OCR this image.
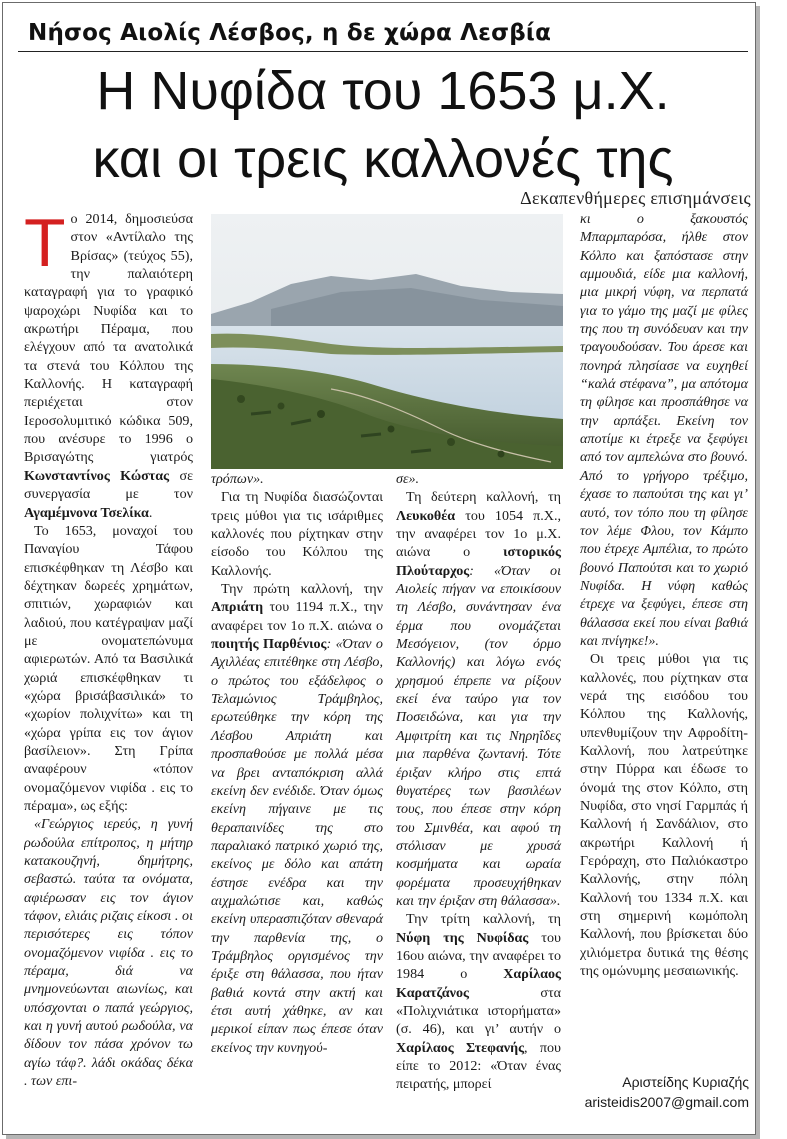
Νήσος Αιολίς Λέσβος, η δε χώρα Λεσβία
Η Νυφίδα του 1653 μ.Χ.
και οι τρεις καλλονές της
Δεκαπενθήμερες επισημάνσεις

Το 2014, δημοσιεύσα στον «Αντίλαλο της Βρίσας» (τεύχος 55), την παλαιότερη καταγραφή για το γραφικό ψαροχώρι Νυφίδα και το ακρωτήρι Πέραμα, που ελέγχουν από τα ανατολικά τα στενά του Κόλπου της Καλλονής. Η καταγραφή περιέχεται στον Ιεροσολυμιτικό κώδικα 509, που ανέσυρε το 1996 ο Βρισαγώτης γιατρός Κωνσταντίνος Κώστας σε συνεργασία με τον Αγαμέμνονα Τσελίκα.

Το 1653, μοναχοί του Παναγίου Τάφου επισκέφθηκαν τη Λέσβο και δέχτηκαν δωρεές χρημάτων, σπιτιών, χωραφιών και λαδιού, που κατέγραψαν μαζί με ονοματεπώνυμα αφιερωτών. Από τα Βασιλικά χωριά επισκέφθηκαν τι «χώρα βρισάβασιλικά» το «χωρίον πολιχνίτω» και τη «χώρα γρίπα εις τον άγιον βασίλειον». Στη Γρίπα αναφέρουν «τόπον ονομαζόμενον νιφίδα . εις το πέραμα», ως εξής:

«Γεώργιος ιερεύς, η γυνή ρωδούλα επίτροπος, η μήτηρ κατακουζηνή, δημήτρης, σεβαστώ. ταύτα τα ονόματα, αφιέρωσαν εις τον άγιον τάφον, ελιάις ριζαις είκοσι . οι περισότερες εις τόπον ονομαζόμενον νιφίδα . εις το πέραμα, διά να μνημονεύωνται αιωνίως, και υπόσχονται ο παπά γεώργιος, και η γυνή αυτού ρωδούλα, να δίδουν τον πάσα χρόνον τω αγίω τάφ?. λάδι οκάδας δέκα . των επι-

τρόπων».

Για τη Νυφίδα διασώζονται τρεις μύθοι για τις ισάριθμες καλλονές που ρίχτηκαν στην είσοδο του Κόλπου της Καλλονής.

Την πρώτη καλλονή, την Απριάτη του 1194 π.Χ., την αναφέρει τον 1ο π.Χ. αιώνα ο ποιητής Παρθένιος: «Όταν ο Αχιλλέας επιτέθηκε στη Λέσβο, ο πρώτος του εξάδελφος ο Τελαμώνιος Τράμβηλος, ερωτεύθηκε την κόρη της Λέσβου Απριάτη και προσπαθούσε με πολλά μέσα να βρει ανταπόκριση αλλά εκείνη δεν ενέδιδε. Όταν όμως εκείνη πήγαινε με τις θεραπαινίδες της στο παραλιακό πατρικό χωριό της, εκείνος με δόλο και απάτη έστησε ενέδρα και την αιχμαλώτισε και, καθώς εκείνη υπερασπιζόταν σθεναρά την παρθενία της, ο Τράμβηλος οργισμένος την έριξε στη θάλασσα, που ήταν βαθιά κοντά στην ακτή και έτσι αυτή χάθηκε, αν και μερικοί είπαν πως έπεσε όταν εκείνος την κυνηγού-

σε».

Τη δεύτερη καλλονή, τη Λευκοθέα του 1054 π.Χ., την αναφέρει τον 1ο μ.Χ. αιώνα ο ιστορικός Πλούταρχος: «Όταν οι Αιολείς πήγαν να εποικίσουν τη Λέσβο, συνάντησαν ένα έρμα που ονομάζεται Μεσόγειον, (τον όρμο Καλλονής) και λόγω ενός χρησμού έπρεπε να ρίξουν εκεί ένα ταύρο για τον Ποσειδώνα, και για την Αμφιτρίτη και τις Νηρηΐδες μια παρθένα ζωντανή. Τότε έριξαν κλήρο στις επτά θυγατέρες των βασιλέων τους, που έπεσε στην κόρη του Σμινθέα, και αφού τη στόλισαν με χρυσά κοσμήματα και ωραία φορέματα προσευχήθηκαν και την έριξαν στη θάλασσα».

Την τρίτη καλλονή, τη Νύφη της Νυφίδας του 16ου αιώνα, την αναφέρει το 1984 ο Χαρίλαος Καρατζάνος στα «Πολιχνιάτικα ιστορήματα» (σ. 46), και γι’ αυτήν ο Χαρίλαος Στεφανής, που είπε το 2012: «Όταν ένας πειρατής, μπορεί

κι ο ξακουστός Μπαρμπαρόσα, ήλθε στον Κόλπο και ξαπόστασε στην αμμουδιά, είδε μια καλλονή, μια μικρή νύφη, να περπατά για το γάμο της μαζί με φίλες της που τη συνόδευαν και την τραγουδούσαν. Του άρεσε και πονηρά πλησίασε να ευχηθεί “καλά στέφανα”, μα απότομα τη φίλησε και προσπάθησε να την αρπάξει. Εκείνη τον αποτίμε κι έτρεξε να ξεφύγει από τον αμπελώνα στο βουνό. Από το γρήγορο τρέξιμο, έχασε το παπούτσι της και γι’ αυτό, τον τόπο που τη φίλησε τον λέμε Φλου, τον Κάμπο που έτρεχε Αμπέλια, το πρώτο βουνό Παπούτσι και το χωριό Νυφίδα. Η νύφη καθώς έτρεχε να ξεφύγει, έπεσε στη θάλασσα εκεί που είναι βαθιά και πνίγηκε!».

Οι τρεις μύθοι για τις καλλονές, που ρίχτηκαν στα νερά της εισόδου του Κόλπου της Καλλονής, υπενθυμίζουν την Αφροδίτη-Καλλονή, που λατρεύτηκε στην Πύρρα και έδωσε το όνομά της στον Κόλπο, στη Νυφίδα, στο νησί Γαρμπάς ή Καλλονή ή Σανδάλιον, στο ακρωτήρι Καλλονή ή Γερόραχη, στο Παλιόκαστρο Καλλονής, στην πόλη Καλλονή του 1334 π.Χ. και στη σημερινή κωμόπολη Καλλονή, που βρίσκεται δύο χιλιόμετρα δυτικά της θέσης της ομώνυμης μεσαιωνικής.

Αριστείδης Κυριαζής
aristeidis2007@gmail.com
